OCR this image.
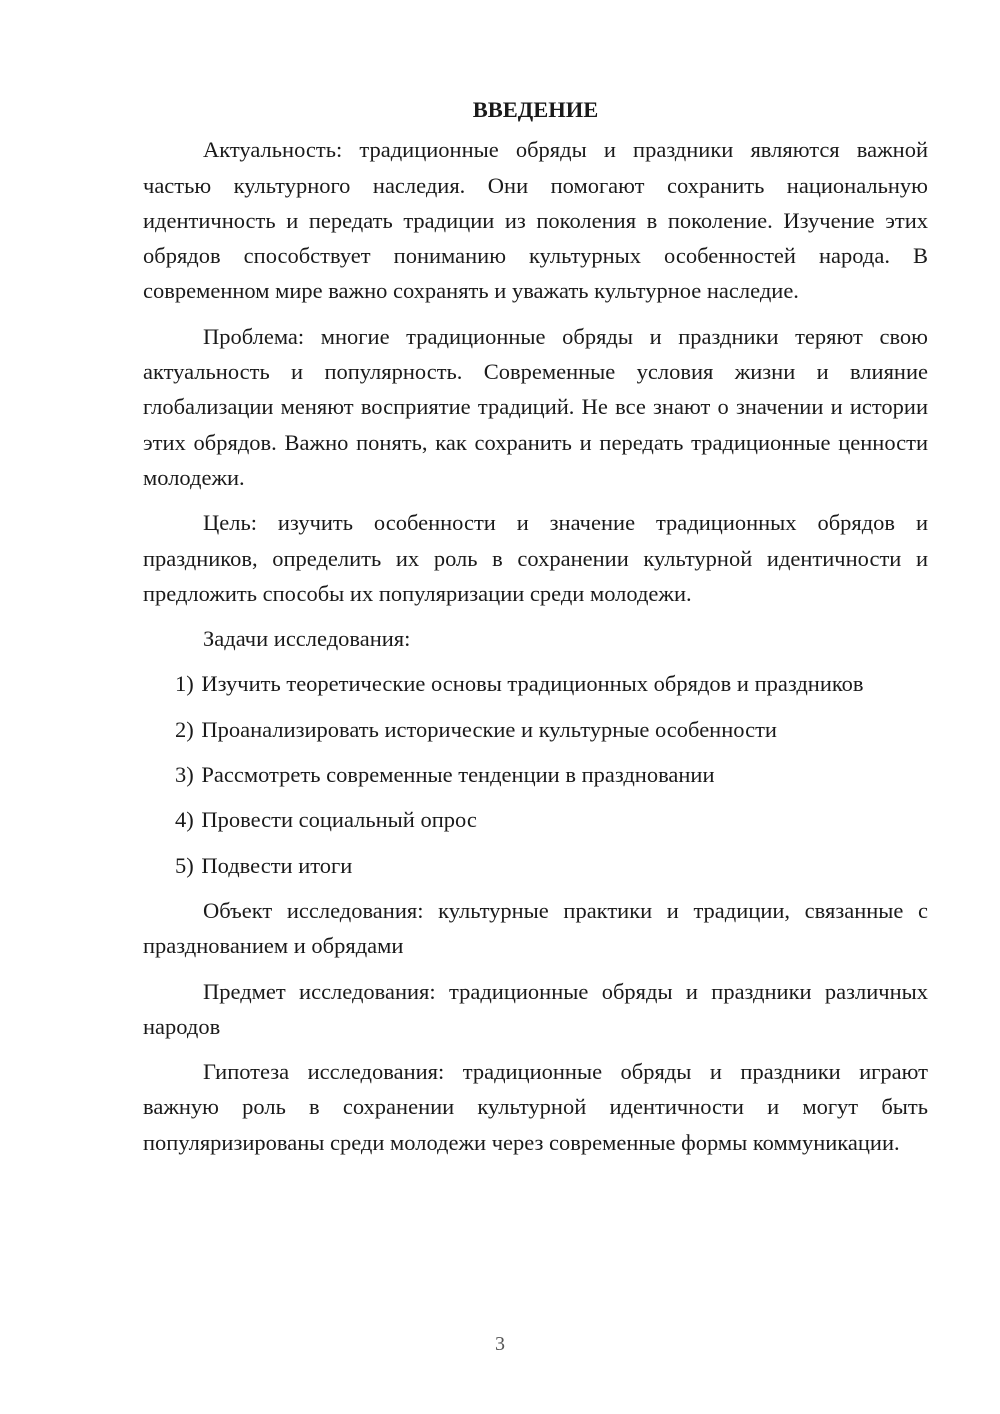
ВВЕДЕНИЕ

Актуальность: традиционные обряды и праздники являются важной частью культурного наследия. Они помогают сохранить национальную идентичность и передать традиции из поколения в поколение. Изучение этих обрядов способствует пониманию культурных особенностей народа. В современном мире важно сохранять и уважать культурное наследие.

Проблема: многие традиционные обряды и праздники теряют свою актуальность и популярность. Современные условия жизни и влияние глобализации меняют восприятие традиций. Не все знают о значении и истории этих обрядов. Важно понять, как сохранить и передать традиционные ценности молодежи.

Цель: изучить особенности и значение традиционных обрядов и праздников, определить их роль в сохранении культурной идентичности и предложить способы их популяризации среди молодежи.

Задачи исследования:

1) Изучить теоретические основы традиционных обрядов и праздников
2) Проанализировать исторические и культурные особенности
3) Рассмотреть современные тенденции в праздновании
4) Провести социальный опрос
5) Подвести итоги

Объект исследования: культурные практики и традиции, связанные с празднованием и обрядами

Предмет исследования: традиционные обряды и праздники различных народов

Гипотеза исследования: традиционные обряды и праздники играют важную роль в сохранении культурной идентичности и могут быть популяризированы среди молодежи через современные формы коммуникации.

3
